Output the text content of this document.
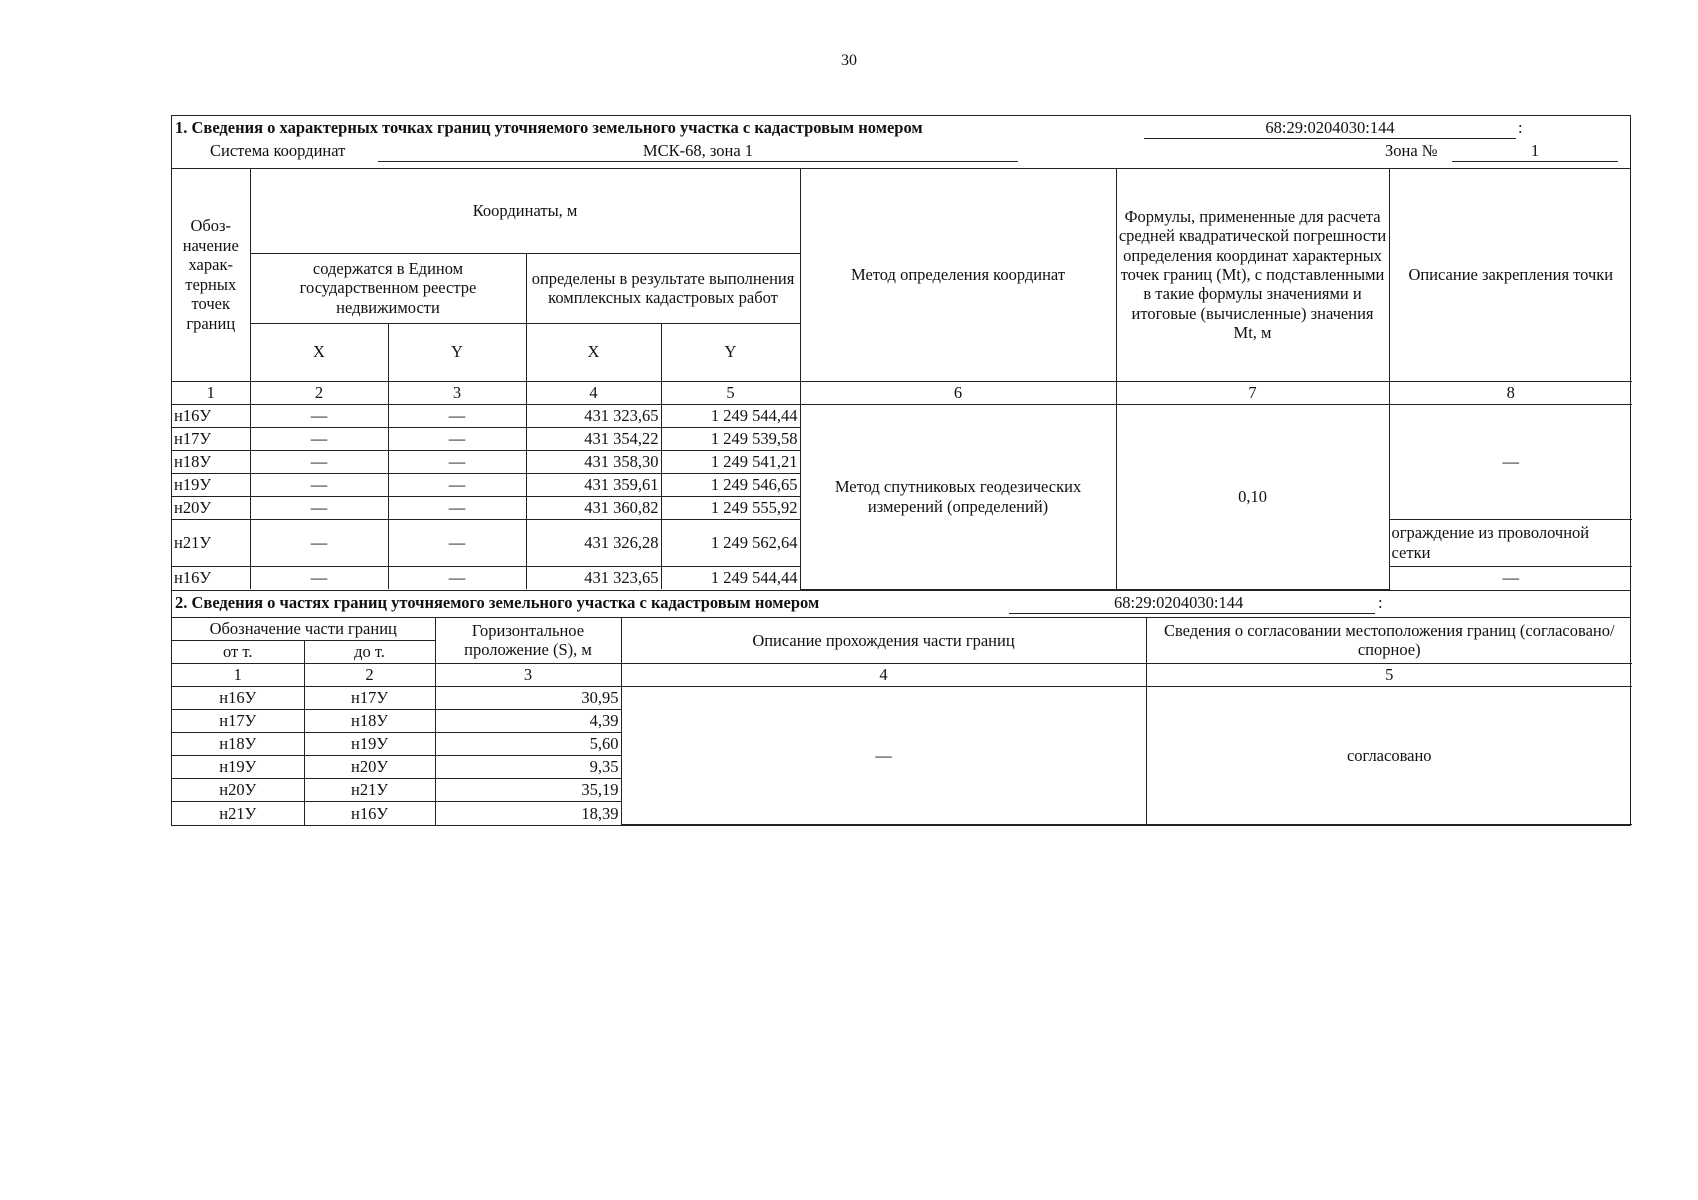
30
1. Сведения о характерных точках границ уточняемого земельного участка с кадастровым номером	68:29:0204030:144	:
Система координат	МСК-68, зона 1	Зона №	1
Обоз-начение харак-терных точек границ	Координаты, м				Метод определения координат	Формулы, примененные для расчета средней квадратической погрешности определения координат характерных точек границ (Mt), с подставленными в такие формулы значениями и итоговые (вычисленные) значения Mt, м	Описание закрепления точки
	содержатся в Едином государственном реестре недвижимости		определены в результате выполнения комплексных кадастровых работ				
	X	Y	X	Y			
1	2	3	4	5	6	7	8
н16У	—	—	431 323,65	1 249 544,44	Метод спутниковых геодезических измерений (определений)	0,10	—
н17У	—	—	431 354,22	1 249 539,58			
н18У	—	—	431 358,30	1 249 541,21			
н19У	—	—	431 359,61	1 249 546,65			
н20У	—	—	431 360,82	1 249 555,92			
н21У	—	—	431 326,28	1 249 562,64			ограждение из проволочной сетки
н16У	—	—	431 323,65	1 249 544,44			—
2. Сведения о частях границ уточняемого земельного участка с кадастровым номером	68:29:0204030:144	:
Обозначение части границ		Горизонтальное проложение (S), м	Описание прохождения части границ	Сведения о согласовании местоположения границ (согласовано/спорное)
от т.	до т.			
1	2	3	4	5
н16У	н17У	30,95	—	согласовано
н17У	н18У	4,39		
н18У	н19У	5,60		
н19У	н20У	9,35		
н20У	н21У	35,19		
н21У	н16У	18,39		
